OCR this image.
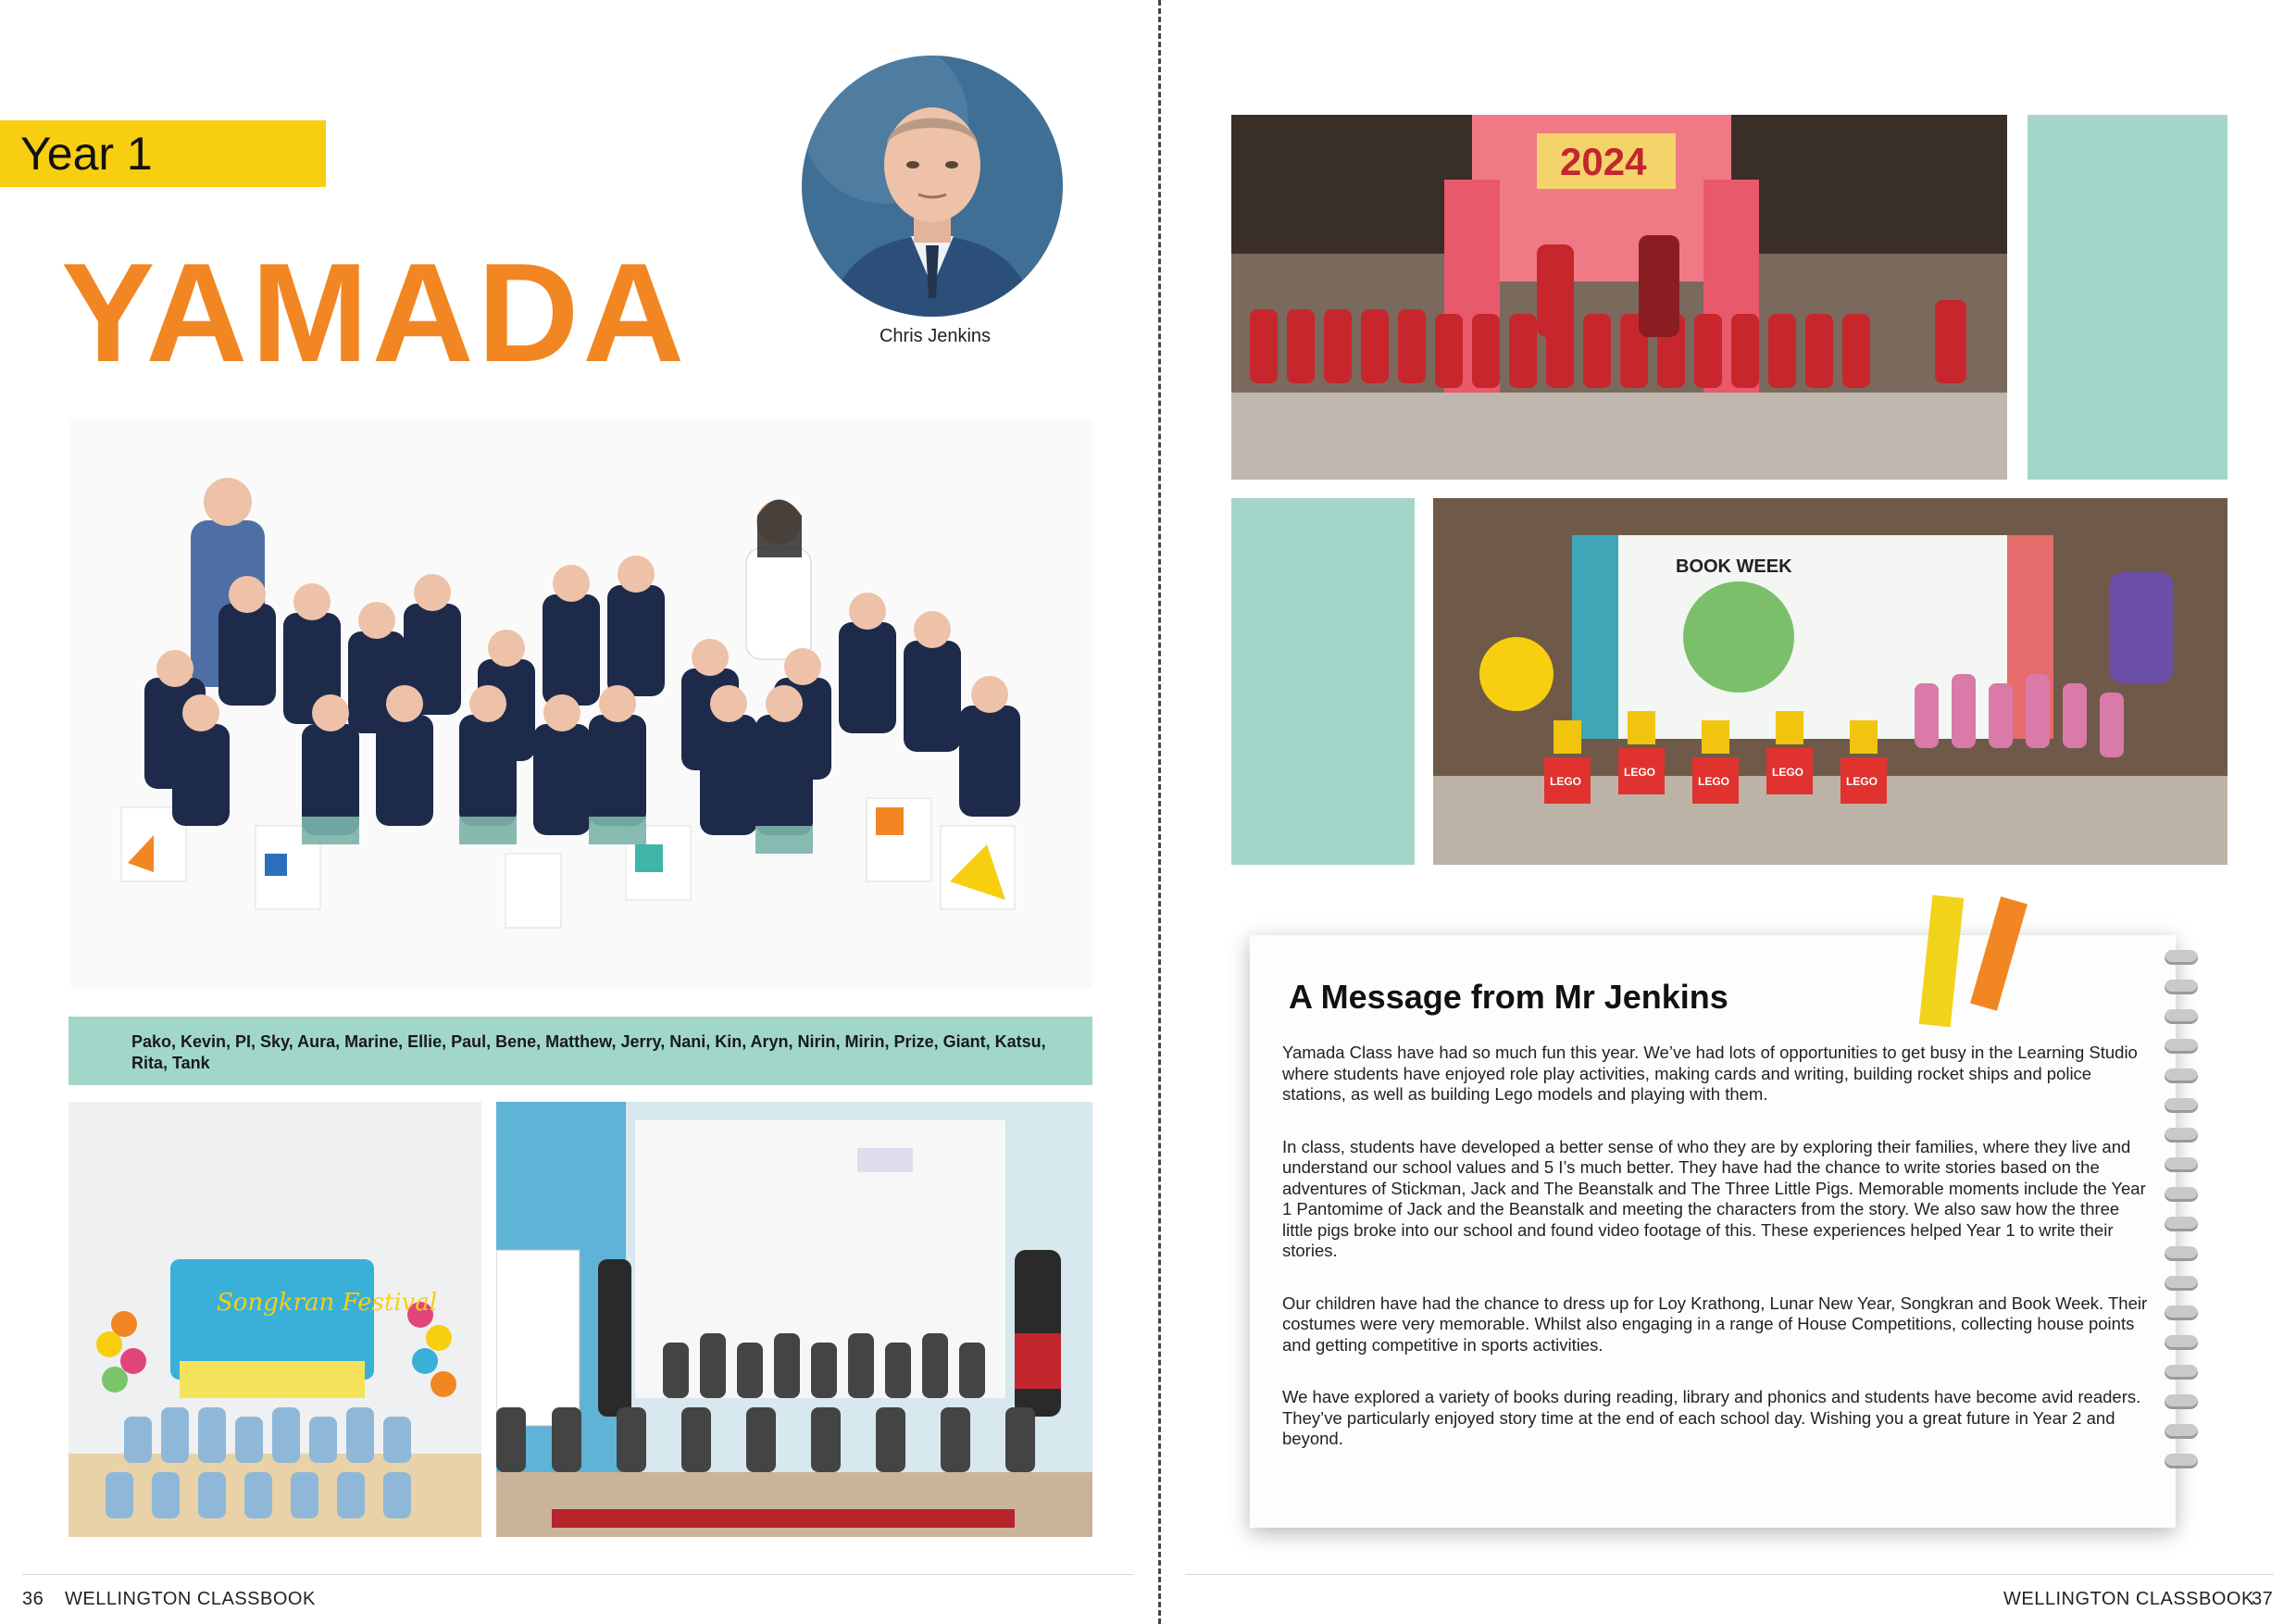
Year 1
YAMADA	Chris Jenkins
Pako, Kevin, PI, Sky, Aura, Marine, Ellie, Paul, Bene, Matthew, Jerry, Nani, Kin, Aryn, Nirin, Mirin, Prize, Giant, Katsu, Rita, Tank
Songkran Festival
2024
BOOK WEEK
LEGO
LEGO
LEGO
LEGO
LEGO
A Message from Mr Jenkins

Yamada Class have had so much fun this year. We’ve had lots of opportunities to get busy in the Learning Studio where students have enjoyed role play activities, making cards and writing, building rocket ships and police stations, as well as building Lego models and playing with them.

In class, students have developed a better sense of who they are by exploring their families, where they live and understand our school values and 5 I’s much better. They have had the chance to write stories based on the adventures of Stickman, Jack and The Beanstalk and The Three Little Pigs. Memorable moments include the Year 1 Pantomime of Jack and the Beanstalk and meeting the characters from the story. We also saw how the three little pigs broke into our school and found video footage of this. These experiences helped Year 1 to write their stories.

Our children have had the chance to dress up for Loy Krathong, Lunar New Year, Songkran and Book Week. Their costumes were very memorable. Whilst also engaging in a range of House Competitions, collecting house points and getting competitive in sports activities.

We have explored a variety of books during reading, library and phonics and students have become avid readers. They’ve particularly enjoyed story time at the end of each school day. Wishing you a great future in Year 2 and beyond.

36 WELLINGTON CLASSBOOK	WELLINGTON CLASSBOOK
37
